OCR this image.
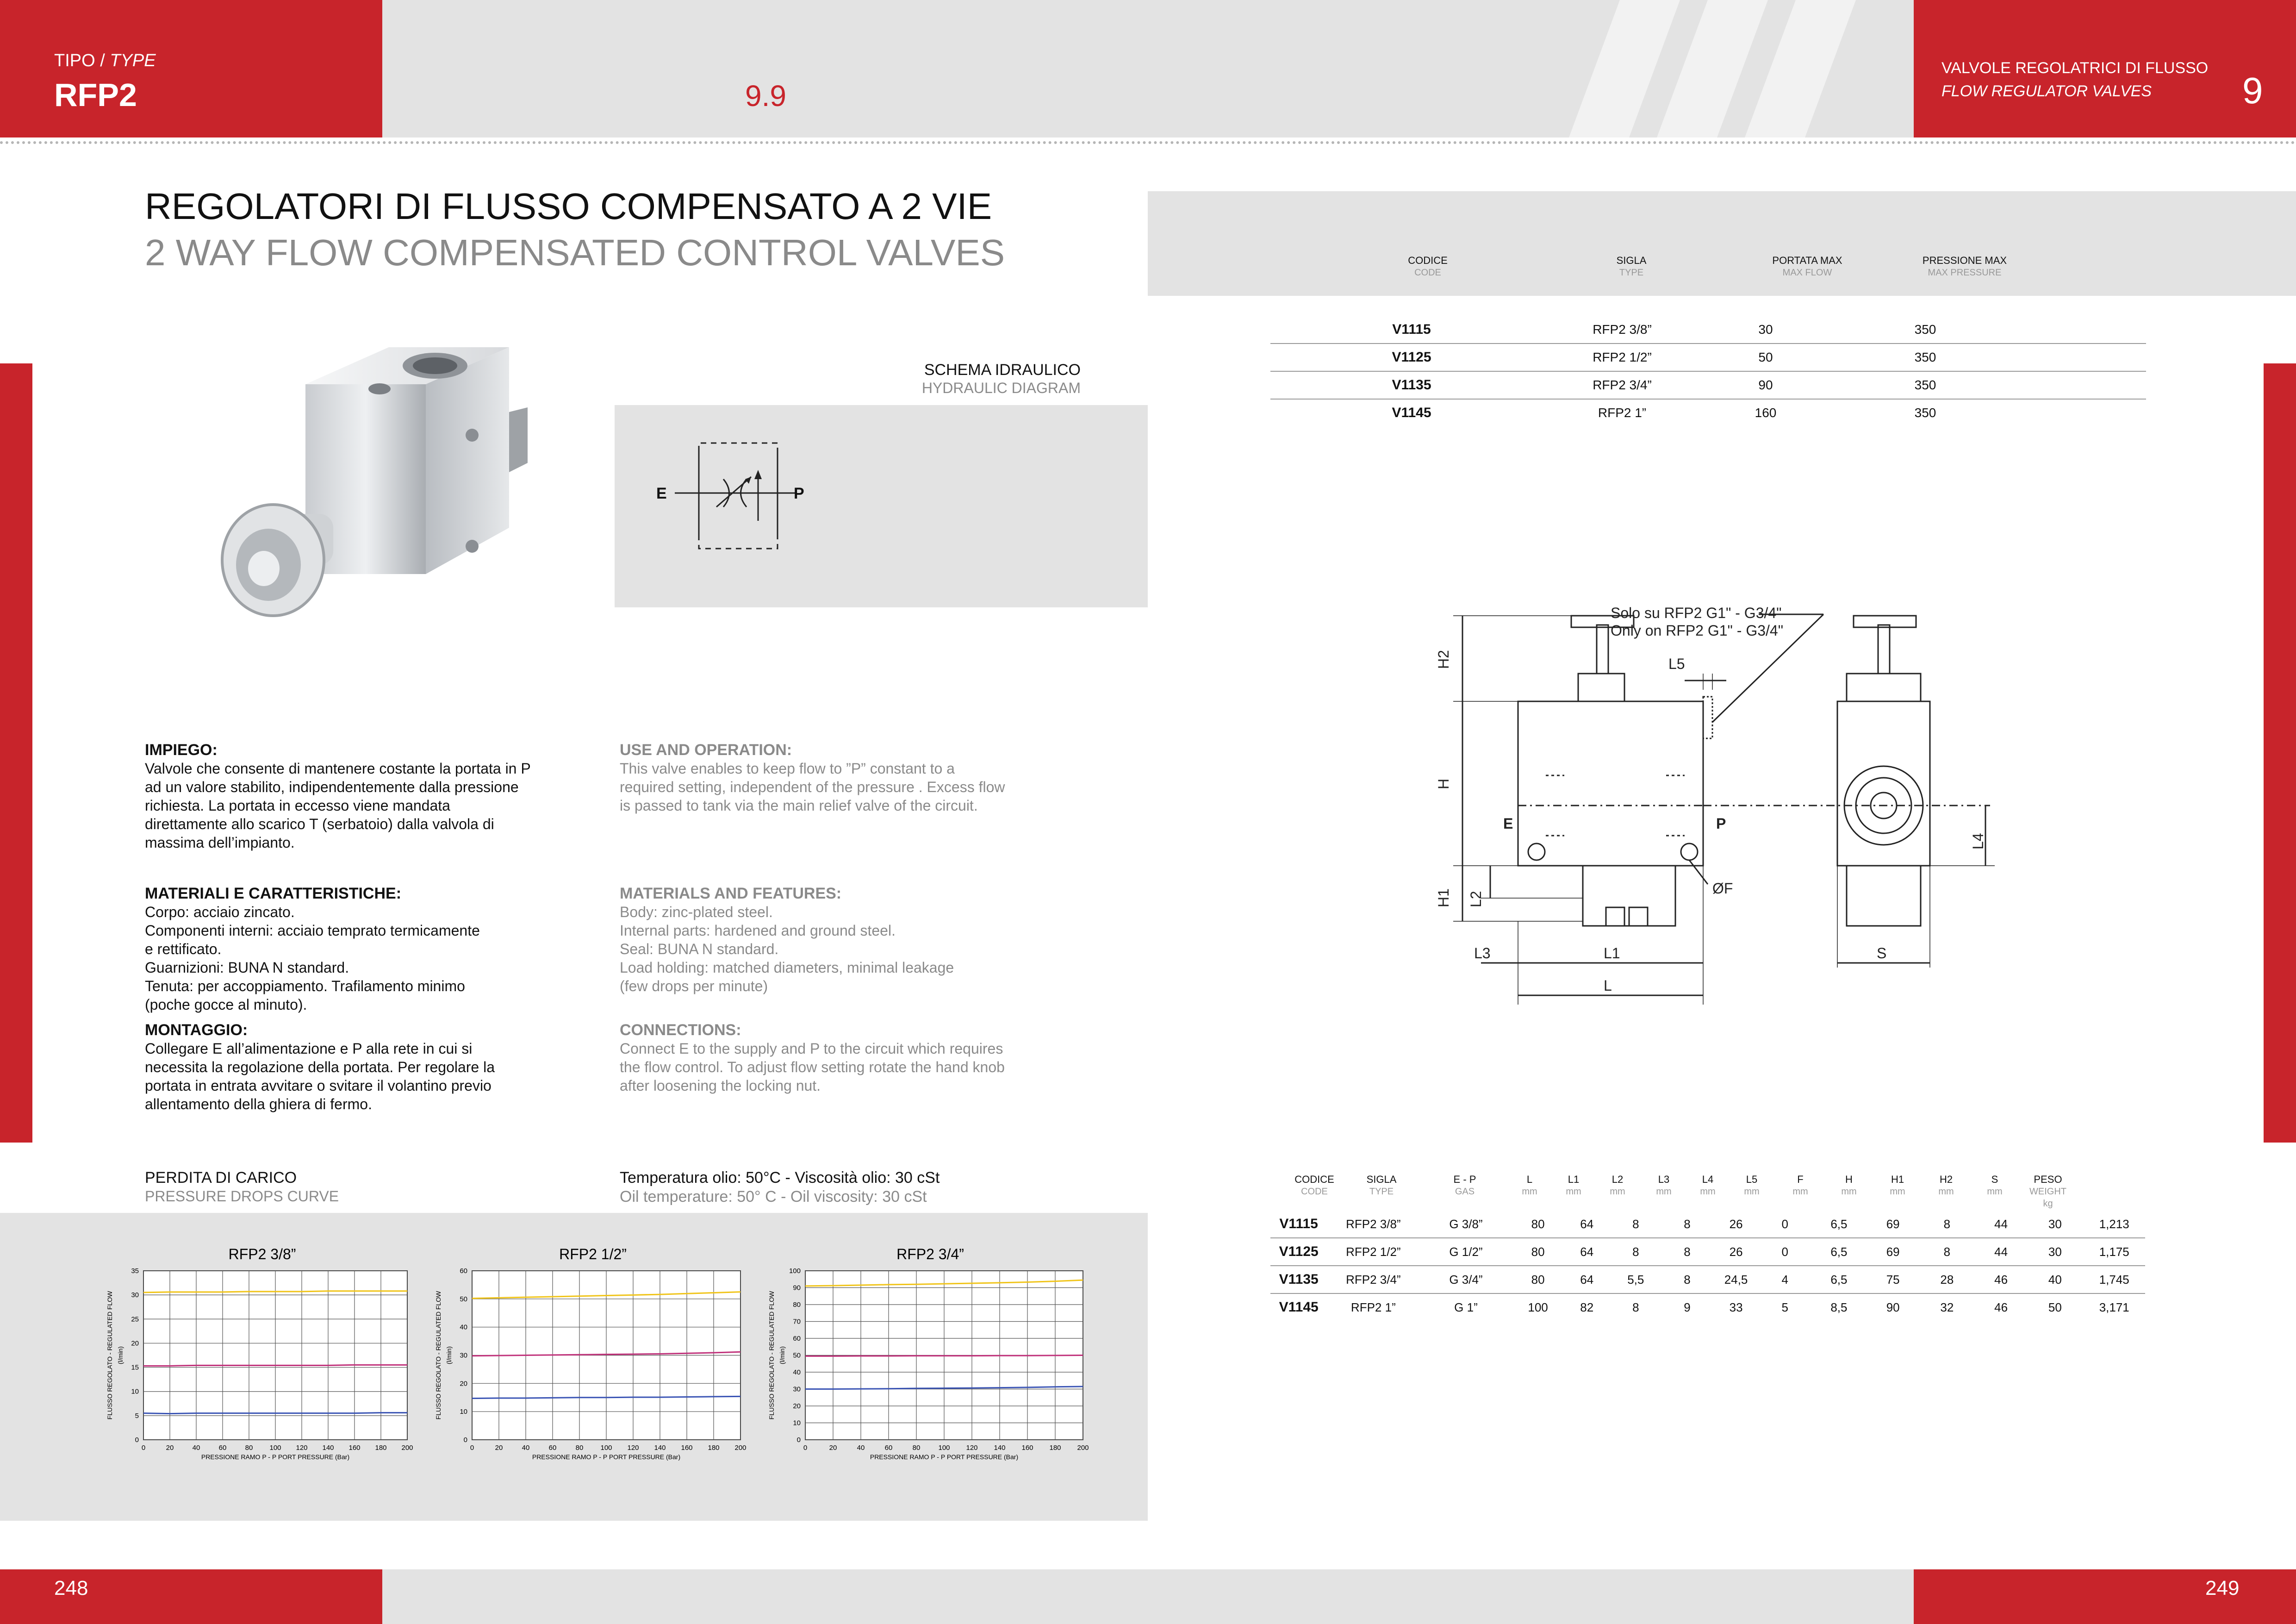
TIPO / TYPE
RFP2	9.9
VALVOLE REGOLATRICI DI FLUSSO
FLOW REGULATOR VALVES 9
REGOLATORI DI FLUSSO COMPENSATO A 2 VIE
2 WAY FLOW COMPENSATED CONTROL VALVES
SCHEMA IDRAULICO
HYDRAULIC DIAGRAM
E	P
CODICE
CODE
SIGLA
TYPE
PORTATA MAX
MAX FLOW
PRESSIONE MAX
MAX PRESSURE
V1115	RFP2 3/8”	30	350	
V1125	RFP2 1/2”	50	350	
V1135	RFP2 3/4”	90	350	
V1145	RFP2 1”	160	350	
Solo su RFP2 G1" - G3/4"
Only on RFP2 G1" - G3/4"
H2
H
H1 L2
L3	L1
L
L5
L4
E	P
ØF
S
IMPIEGO:
Valvole che consente di mantenere costante la portata in P ad un valore stabilito, indipendentemente dalla pressione richiesta. La portata in eccesso viene mandata direttamente allo scarico T (serbatoio) dalla valvola di massima dell’impianto.
USE AND OPERATION:
This valve enables to keep flow to ”P” constant to a required setting, independent of the pressure . Excess flow is passed to tank via the main relief valve of the circuit.
MATERIALI E CARATTERISTICHE:
Corpo: acciaio zincato.
Componenti interni: acciaio temprato termicamente
e rettificato.
Guarnizioni: BUNA N standard.
Tenuta: per accoppiamento. Trafilamento minimo
(poche gocce al minuto).
MATERIALS AND FEATURES:
Body: zinc-plated steel.
Internal parts: hardened and ground steel.
Seal: BUNA N standard.
Load holding: matched diameters, minimal leakage
(few drops per minute)
MONTAGGIO:
Collegare E all’alimentazione e P alla rete in cui si necessita la regolazione della portata. Per regolare la portata in entrata avvitare o svitare il volantino previo allentamento della ghiera di fermo.
CONNECTIONS:
Connect E to the supply and P to the circuit which requires the flow control. To adjust flow setting rotate the hand knob after loosening the locking nut.
PERDITA DI CARICO
PRESSURE DROPS CURVE
Temperatura olio: 50°C - Viscosità olio: 30 cSt
Oil temperature: 50° C - Oil viscosity: 30 cSt
RFP2 3/8”
0	20	40	60	80 100 120 140 160 180 200
0
5
10
15
20
25
30
35
PRESSIONE RAMO P - P PORT PRESSURE (Bar)
FLUSSO REGOLATO - REGULATED FLOW (l/min)
RFP2 1/2”
0	20	40	60	80 100 120 140 160 180 200
0
10
20
30
40
50
60
PRESSIONE RAMO P - P PORT PRESSURE (Bar)
FLUSSO REGOLATO - REGULATED FLOW (l/min)
RFP2 3/4”
0	20	40	60	80	100 120 140 160 180 200
0
10
20
30
40
50
60
70
80
90
100
PRESSIONE RAMO P - P PORT PRESSURE (Bar)
FLUSSO REGOLATO - REGULATED FLOW (l/min)
CODICE
CODE
SIGLA
TYPE
E - P
GAS
L
mm
L1
mm
L2
mm
L3
mm
L4
mm
L5
mm
F
mm
H
mm
H1
mm
H2
mm
S
mm
PESO
WEIGHT
kg
V1115	RFP2 3/8”	G 3/8”	80	64	8	8	26	0	6,5	69	8	44	30	1,213
V1125	RFP2 1/2”	G 1/2”	80	64	8	8	26	0	6,5	69	8	44	30	1,175
V1135	RFP2 3/4”	G 3/4”	80	64	5,5	8	24,5	4	6,5	75	28	46	40	1,745
V1145	RFP2 1”	G 1”	100	82	8	9	33	5	8,5	90	32	46	50	3,171
248	249
